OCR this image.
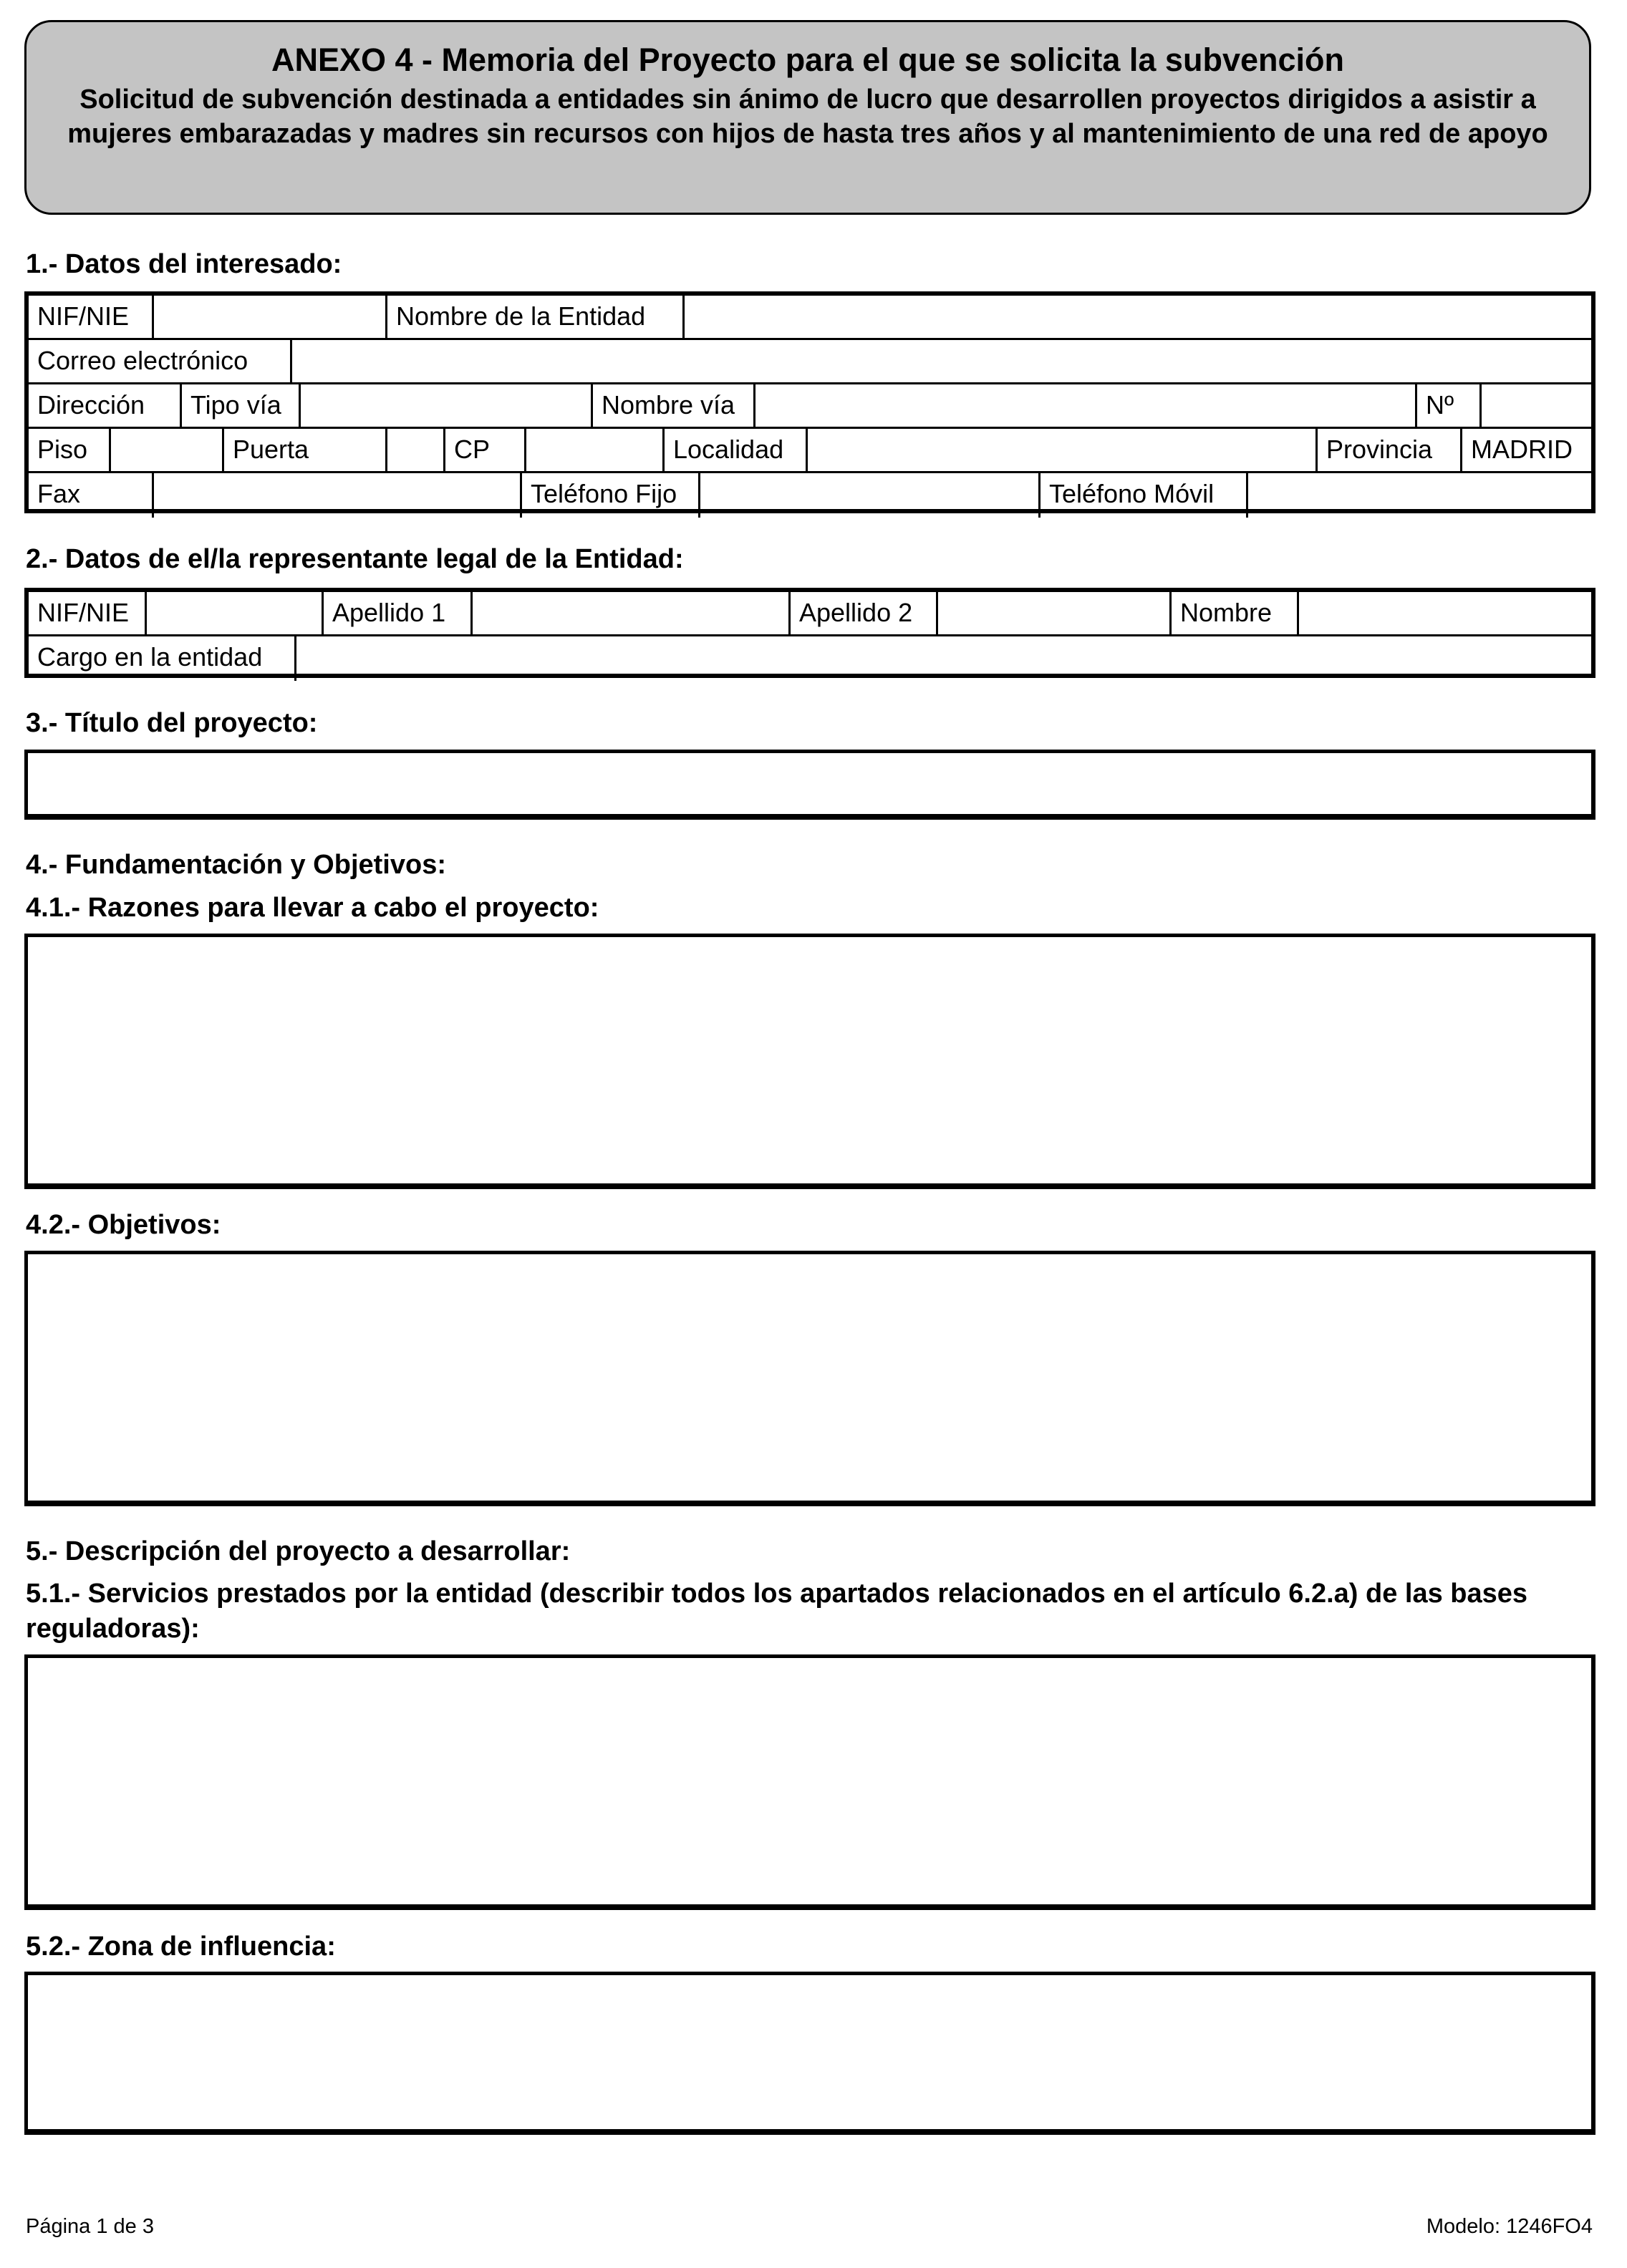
ANEXO 4 - Memoria del Proyecto para el que se solicita la subvención
Solicitud de subvención destinada a entidades sin ánimo de lucro que desarrollen proyectos dirigidos a asistir a mujeres embarazadas y madres sin recursos con hijos de hasta tres años y al mantenimiento de una red de apoyo
1.- Datos del interesado:
NIF/NIE	Nombre de la Entidad
Correo electrónico
Dirección	Tipo vía	Nombre vía	Nº
Piso	Puerta	CP	Localidad	Provincia	MADRID
Fax	Teléfono Fijo	Teléfono Móvil
2.- Datos de el/la representante legal de la Entidad:
NIF/NIE	Apellido 1	Apellido 2	Nombre
Cargo en la entidad
3.- Título del proyecto:
4.- Fundamentación y Objetivos:
4.1.- Razones para llevar a cabo el proyecto:
4.2.- Objetivos:
5.- Descripción del proyecto a desarrollar:
5.1.- Servicios prestados por la entidad (describir todos los apartados relacionados en el artículo 6.2.a) de las bases reguladoras):
5.2.- Zona de influencia:
Página 1 de 3	Modelo: 1246FO4
